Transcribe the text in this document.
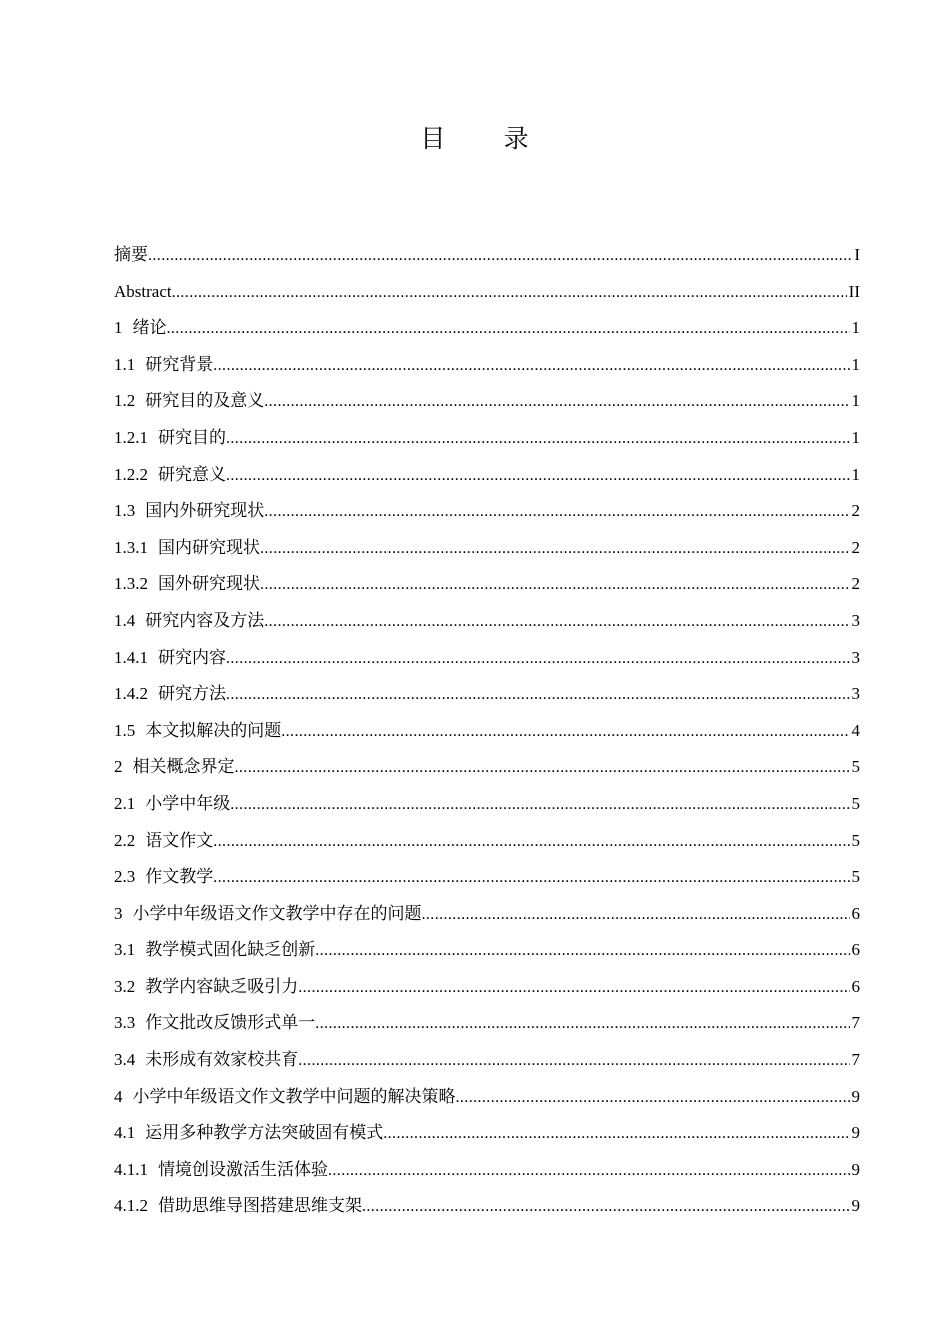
目 录
摘要 .....	I
Abstract .....	II
1 绪论 .....	1
1.1 研究背景 .....	1
1.2 研究目的及意义 .....	1
1.2.1 研究目的 .....	1
1.2.2 研究意义 .....	1
1.3 国内外研究现状 .....	2
1.3.1 国内研究现状 .....	2
1.3.2 国外研究现状 .....	2
1.4 研究内容及方法 .....	3
1.4.1 研究内容 .....	3
1.4.2 研究方法 .....	3
1.5 本文拟解决的问题 .....	4
2 相关概念界定 .....	5
2.1 小学中年级 .....	5
2.2 语文作文 .....	5
2.3 作文教学 .....	5
3 小学中年级语文作文教学中存在的问题 .....	6
3.1 教学模式固化缺乏创新 .....	6
3.2 教学内容缺乏吸引力 .....	6
3.3 作文批改反馈形式单一 .....	7
3.4 未形成有效家校共育 .....	7
4 小学中年级语文作文教学中问题的解决策略 .....	9
4.1 运用多种教学方法突破固有模式 .....	9
4.1.1 情境创设激活生活体验 .....	9
4.1.2 借助思维导图搭建思维支架 .....	9
